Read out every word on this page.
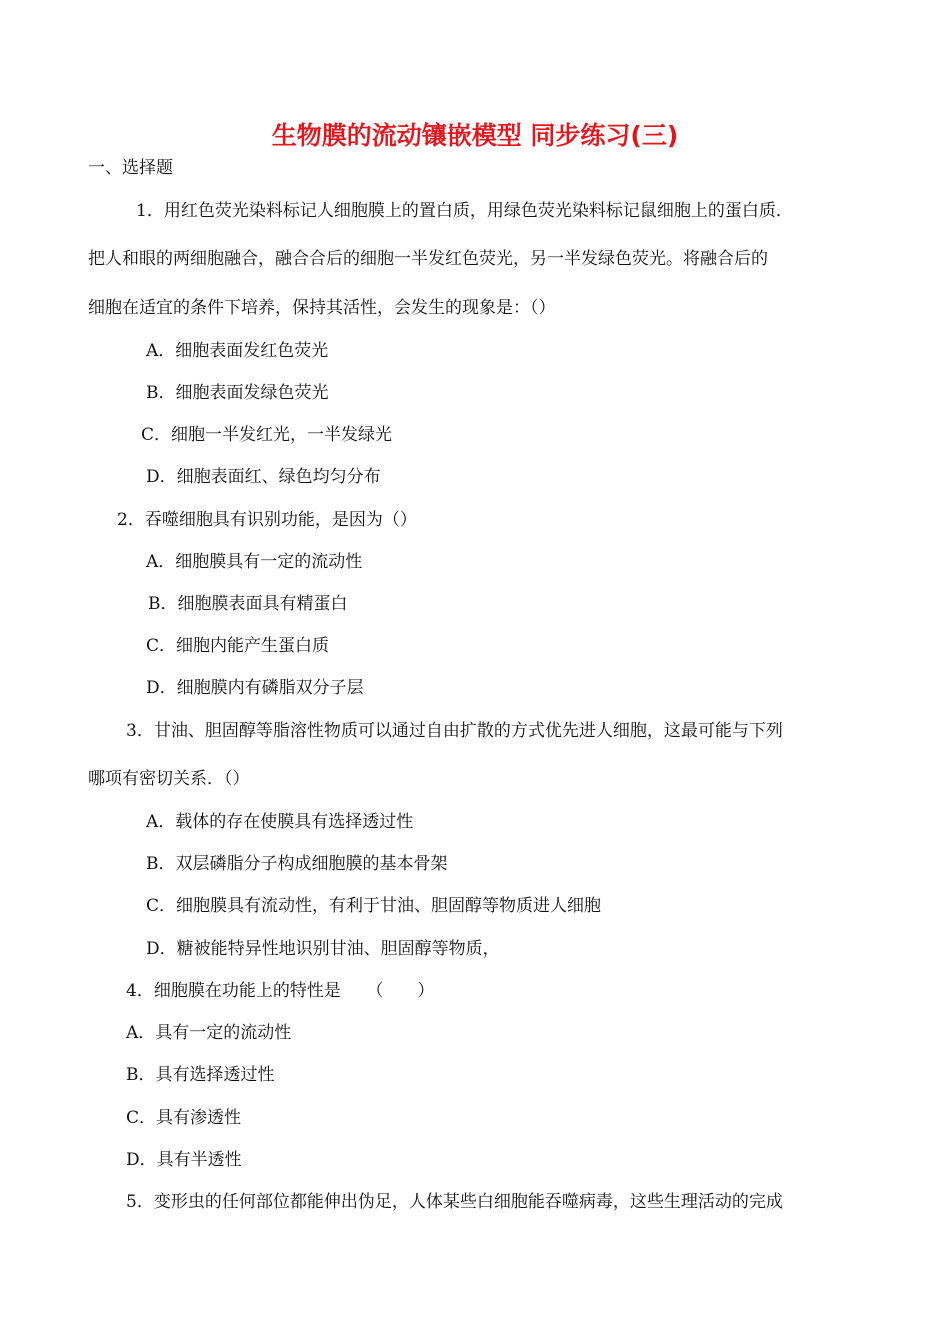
生物膜的流动镶嵌模型 同步练习(三)
一、选择题
1．用红色荧光染料标记人细胞膜上的置白质，用绿色荧光染料标记鼠细胞上的蛋白质．
把人和眼的两细胞融合，融合合后的细胞一半发红色荧光，另一半发绿色荧光。将融合后的
细胞在适宜的条件下培养，保持其活性，会发生的现象是：（）
A．细胞表面发红色荧光
B．细胞表面发绿色荧光
C．细胞一半发红光，一半发绿光
D．细胞表面红、绿色均匀分布
2．吞噬细胞具有识别功能，是因为（）
A．细胞膜具有一定的流动性
B．细胞膜表面具有精蛋白
C．细胞内能产生蛋白质
D．细胞膜内有磷脂双分子层
3．甘油、胆固醇等脂溶性物质可以通过自由扩散的方式优先进人细胞，这最可能与下列
哪项有密切关系．（）
A．载体的存在使膜具有选择透过性
B．双层磷脂分子构成细胞膜的基本骨架
C．细胞膜具有流动性，有利于甘油、胆固醇等物质进人细胞
D．糖被能特异性地识别甘油、胆固醇等物质，
4．细胞膜在功能上的特性是　　（　　）
A．具有一定的流动性
B．具有选择透过性
C．具有渗透性
D．具有半透性
5．变形虫的任何部位都能伸出伪足，人体某些白细胞能吞噬病毒，这些生理活动的完成
